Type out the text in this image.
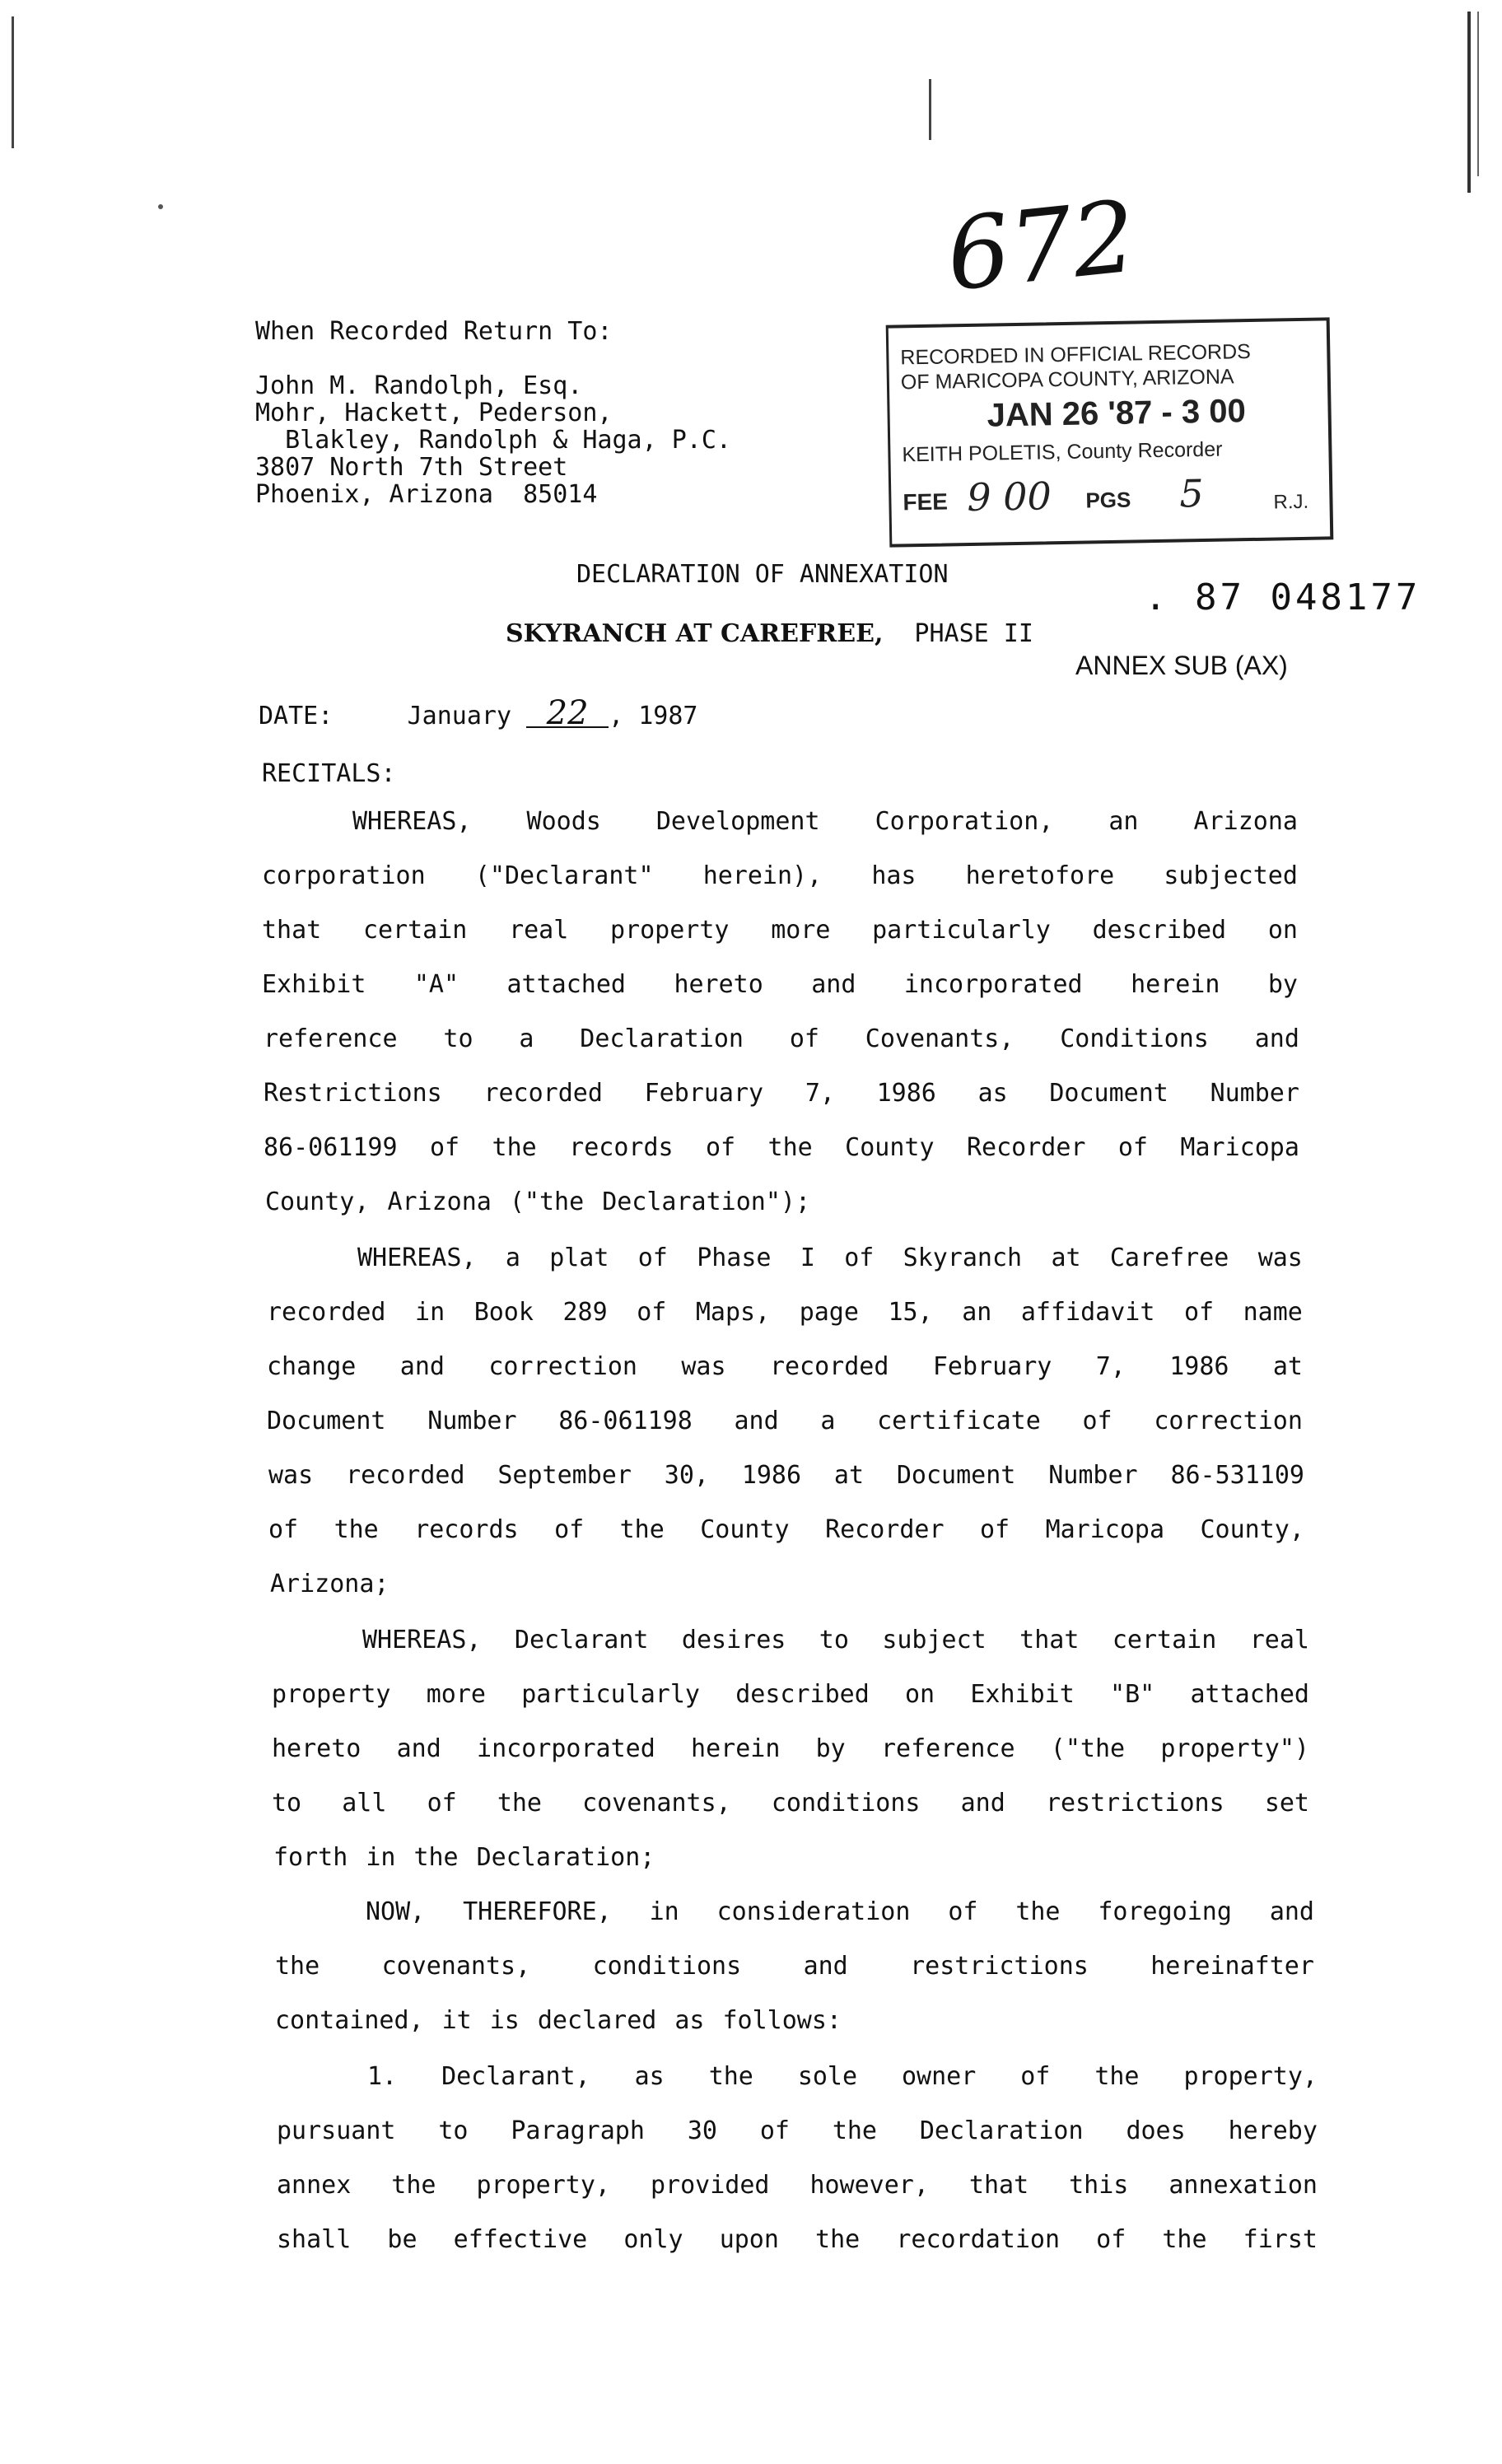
672
When Recorded Return To:
John M. Randolph, Esq.
Mohr, Hackett, Pederson,
Blakley, Randolph & Haga, P.C.
3807 North 7th Street
Phoenix, Arizona  85014
RECORDED IN OFFICIAL RECORDS
OF MARICOPA COUNTY, ARIZONA
JAN 26 '87 - 3 00
KEITH POLETIS, County Recorder
FEE 9 00 PGS 5	R.J.
. 87 048177
ANNEX SUB (AX)
DECLARATION OF ANNEXATION
SKYRANCH AT CAREFREE, PHASE II
DATE:	January 22 , 1987
RECITALS:
WHEREAS, Woods Development Corporation, an Arizona
corporation ("Declarant" herein), has heretofore subjected
that certain real property more particularly described on
Exhibit "A" attached hereto and incorporated herein by
reference to a Declaration of Covenants, Conditions and
Restrictions recorded February 7, 1986 as Document Number
86-061199 of the records of the County Recorder of Maricopa
County, Arizona ("the Declaration");
WHEREAS, a plat of Phase I of Skyranch at Carefree was
recorded in Book 289 of Maps, page 15, an affidavit of name
change and correction was recorded February 7, 1986 at
Document Number 86-061198 and a certificate of correction
was recorded September 30, 1986 at Document Number 86-531109
of the records of the County Recorder of Maricopa County,
Arizona;
WHEREAS, Declarant desires to subject that certain real
property more particularly described on Exhibit "B" attached
hereto and incorporated herein by reference ("the property")
to all of the covenants, conditions and restrictions set
forth in the Declaration;
NOW, THEREFORE, in consideration of the foregoing and
the	covenants,	conditions	and	restrictions	hereinafter
contained, it is declared as follows:
1. Declarant, as the sole owner of the property,
pursuant to Paragraph 30 of the Declaration does hereby
annex the property, provided however, that this annexation
shall be effective only upon the recordation of the first
